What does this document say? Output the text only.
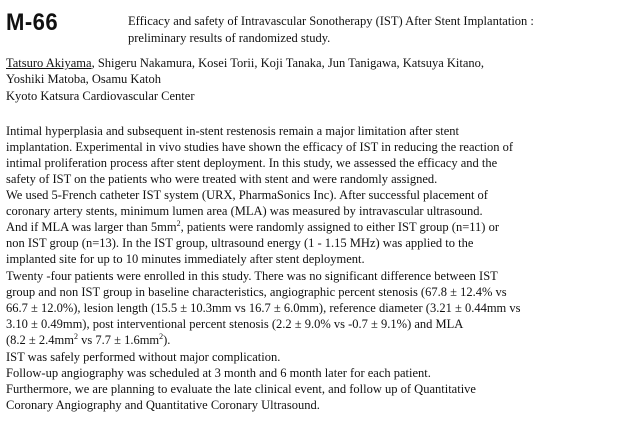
M-66	Efficacy and safety of Intravascular Sonotherapy (IST) After Stent Implantation :
preliminary results of randomized study.
Tatsuro Akiyama, Shigeru Nakamura, Kosei Torii, Koji Tanaka, Jun Tanigawa, Katsuya Kitano,
Yoshiki Matoba, Osamu Katoh
Kyoto Katsura Cardiovascular Center
Intimal hyperplasia and subsequent in-stent restenosis remain a major limitation after stent
implantation. Experimental in vivo studies have shown the efficacy of IST in reducing the reaction of
intimal proliferation process after stent deployment. In this study, we assessed the efficacy and the
safety of IST on the patients who were treated with stent and were randomly assigned.
We used 5-French catheter IST system (URX, PharmaSonics Inc). After successful placement of
coronary artery stents, minimum lumen area (MLA) was measured by intravascular ultrasound.
And if MLA was larger than $5mm^2$, patients were randomly assigned to either IST group (n=11) or
non IST group (n=13). In the IST group, ultrasound energy (1 - 1.15 MHz) was applied to the
implanted site for up to 10 minutes immediately after stent deployment.
Twenty -four patients were enrolled in this study. There was no significant difference between IST
group and non IST group in baseline characteristics, angiographic percent stenosis (67.8 ± 12.4% vs
66.7 ± 12.0%), lesion length (15.5 ± 10.3mm vs 16.7 ± 6.0mm), reference diameter (3.21 ± 0.44mm vs
3.10 ± 0.49mm), post interventional percent stenosis (2.2 ± 9.0% vs -0.7 ± 9.1%) and MLA
($8.2 \pm 2.4mm^2$ vs $7.7 \pm 1.6mm^2$).
IST was safely performed without major complication.
Follow-up angiography was scheduled at 3 month and 6 month later for each patient.
Furthermore, we are planning to evaluate the late clinical event, and follow up of Quantitative
Coronary Angiography and Quantitative Coronary Ultrasound.
